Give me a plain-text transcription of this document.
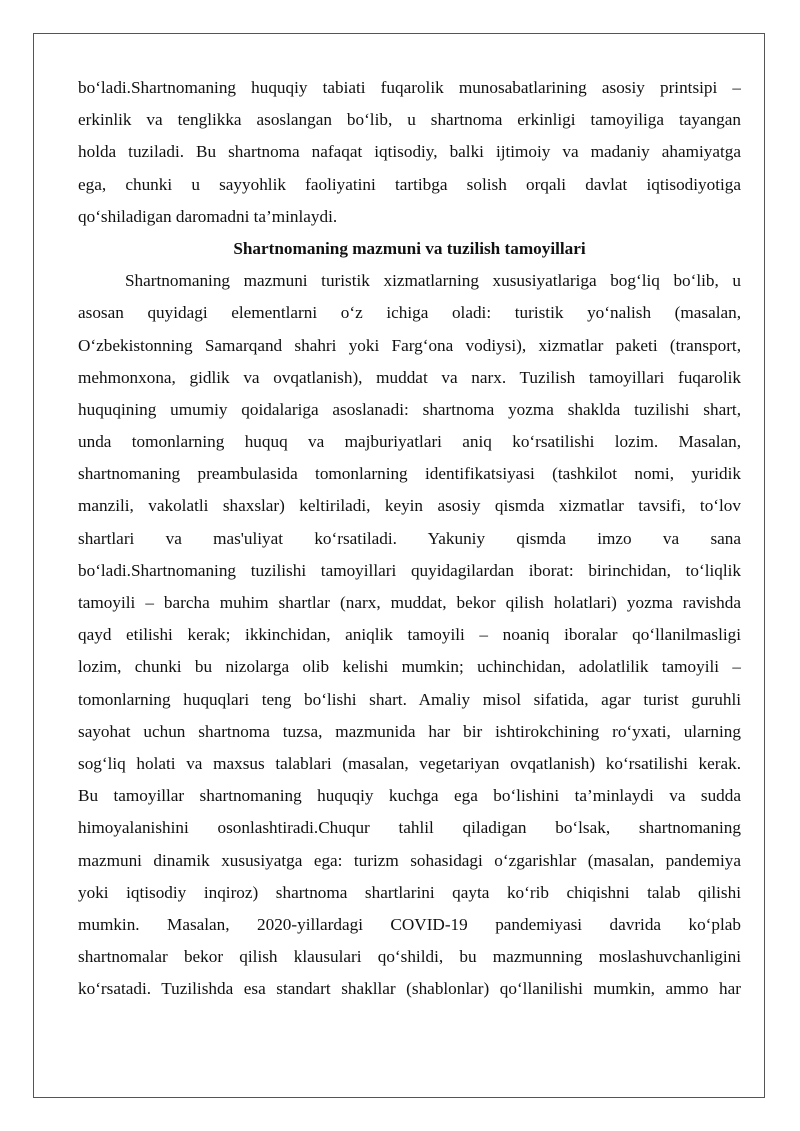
bo‘ladi.Shartnomaning huquqiy tabiati fuqarolik munosabatlarining asosiy printsipi –
erkinlik va tenglikka asoslangan bo‘lib, u shartnoma erkinligi tamoyiliga tayangan
holda tuziladi. Bu shartnoma nafaqat iqtisodiy, balki ijtimoiy va madaniy ahamiyatga
ega, chunki u sayyohlik faoliyatini tartibga solish orqali davlat iqtisodiyotiga
qo‘shiladigan daromadni ta’minlaydi.
Shartnomaning mazmuni va tuzilish tamoyillari
Shartnomaning mazmuni turistik xizmatlarning xususiyatlariga bog‘liq bo‘lib, u
asosan quyidagi elementlarni o‘z ichiga oladi: turistik yo‘nalish (masalan,
O‘zbekistonning Samarqand shahri yoki Farg‘ona vodiysi), xizmatlar paketi (transport,
mehmonxona, gidlik va ovqatlanish), muddat va narx. Tuzilish tamoyillari fuqarolik
huquqining umumiy qoidalariga asoslanadi: shartnoma yozma shaklda tuzilishi shart,
unda tomonlarning huquq va majburiyatlari aniq ko‘rsatilishi lozim. Masalan,
shartnomaning preambulasida tomonlarning identifikatsiyasi (tashkilot nomi, yuridik
manzili, vakolatli shaxslar) keltiriladi, keyin asosiy qismda xizmatlar tavsifi, to‘lov
shartlari va mas'uliyat ko‘rsatiladi. Yakuniy qismda imzo va sana
bo‘ladi.Shartnomaning tuzilishi tamoyillari quyidagilardan iborat: birinchidan, to‘liqlik
tamoyili – barcha muhim shartlar (narx, muddat, bekor qilish holatlari) yozma ravishda
qayd etilishi kerak; ikkinchidan, aniqlik tamoyili – noaniq iboralar qo‘llanilmasligi
lozim, chunki bu nizolarga olib kelishi mumkin; uchinchidan, adolatlilik tamoyili –
tomonlarning huquqlari teng bo‘lishi shart. Amaliy misol sifatida, agar turist guruhli
sayohat uchun shartnoma tuzsa, mazmunida har bir ishtirokchining ro‘yxati, ularning
sog‘liq holati va maxsus talablari (masalan, vegetariyan ovqatlanish) ko‘rsatilishi kerak.
Bu tamoyillar shartnomaning huquqiy kuchga ega bo‘lishini ta’minlaydi va sudda
himoyalanishini osonlashtiradi.Chuqur tahlil qiladigan bo‘lsak, shartnomaning
mazmuni dinamik xususiyatga ega: turizm sohasidagi o‘zgarishlar (masalan, pandemiya
yoki iqtisodiy inqiroz) shartnoma shartlarini qayta ko‘rib chiqishni talab qilishi
mumkin. Masalan, 2020-yillardagi COVID-19 pandemiyasi davrida ko‘plab
shartnomalar bekor qilish klausulari qo‘shildi, bu mazmunning moslashuvchanligini
ko‘rsatadi. Tuzilishda esa standart shakllar (shablonlar) qo‘llanilishi mumkin, ammo har
